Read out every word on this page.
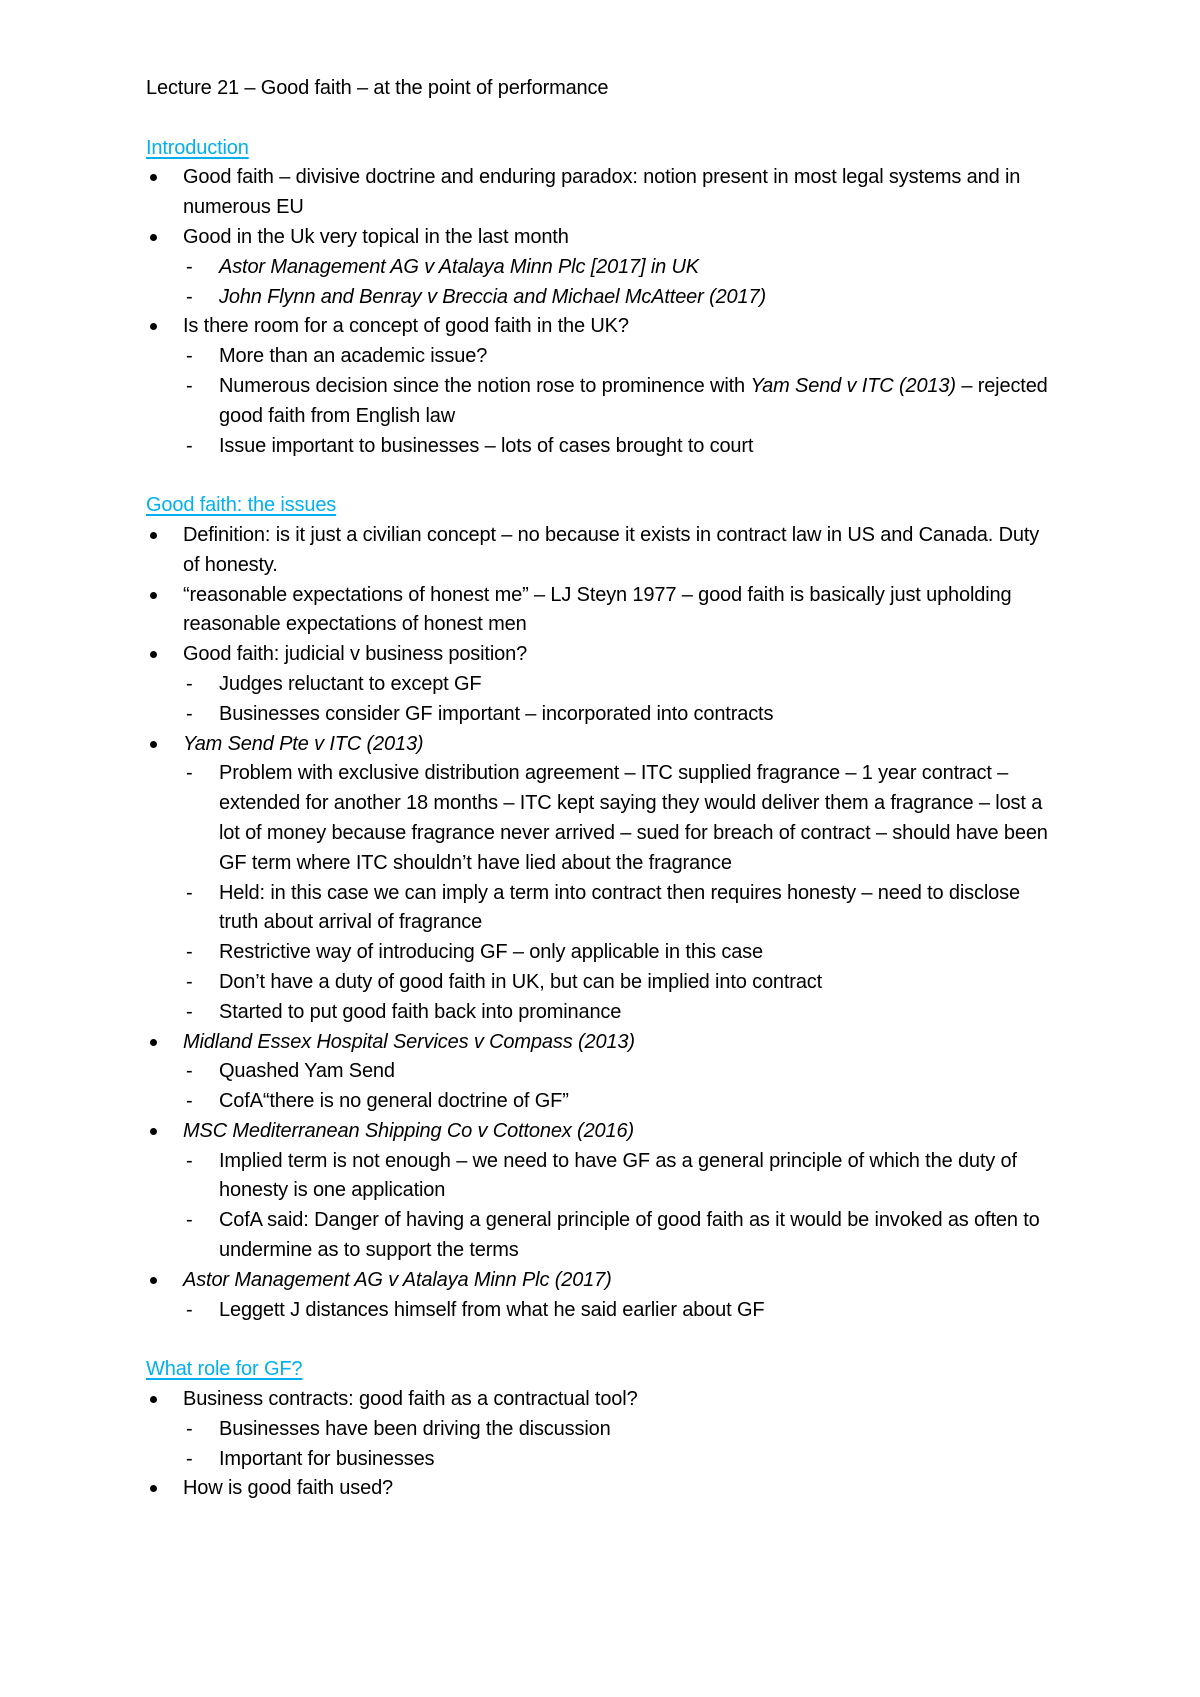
Lecture 21 – Good faith – at the point of performance
Introduction
Good faith – divisive doctrine and enduring paradox: notion present in most legal systems and in numerous EU
Good in the Uk very topical in the last month
- Astor Management AG v Atalaya Minn Plc [2017] in UK
- John Flynn and Benray v Breccia and Michael McAtteer (2017)
Is there room for a concept of good faith in the UK?
- More than an academic issue?
- Numerous decision since the notion rose to prominence with Yam Send v ITC (2013) – rejected good faith from English law
- Issue important to businesses – lots of cases brought to court
Good faith: the issues
Definition: is it just a civilian concept – no because it exists in contract law in US and Canada. Duty of honesty.
“reasonable expectations of honest me” – LJ Steyn 1977 – good faith is basically just upholding reasonable expectations of honest men
Good faith: judicial v business position?
- Judges reluctant to except GF
- Businesses consider GF important – incorporated into contracts
Yam Send Pte v ITC (2013)
- Problem with exclusive distribution agreement – ITC supplied fragrance – 1 year contract – extended for another 18 months – ITC kept saying they would deliver them a fragrance – lost a lot of money because fragrance never arrived – sued for breach of contract – should have been GF term where ITC shouldn’t have lied about the fragrance
- Held: in this case we can imply a term into contract then requires honesty – need to disclose truth about arrival of fragrance
- Restrictive way of introducing GF – only applicable in this case
- Don’t have a duty of good faith in UK, but can be implied into contract
- Started to put good faith back into prominance
Midland Essex Hospital Services v Compass (2013)
- Quashed Yam Send
- CofA“there is no general doctrine of GF”
MSC Mediterranean Shipping Co v Cottonex (2016)
- Implied term is not enough – we need to have GF as a general principle of which the duty of honesty is one application
- CofA said: Danger of having a general principle of good faith as it would be invoked as often to undermine as to support the terms
Astor Management AG v Atalaya Minn Plc (2017)
- Leggett J distances himself from what he said earlier about GF
What role for GF?
Business contracts: good faith as a contractual tool?
- Businesses have been driving the discussion
- Important for businesses
How is good faith used?
